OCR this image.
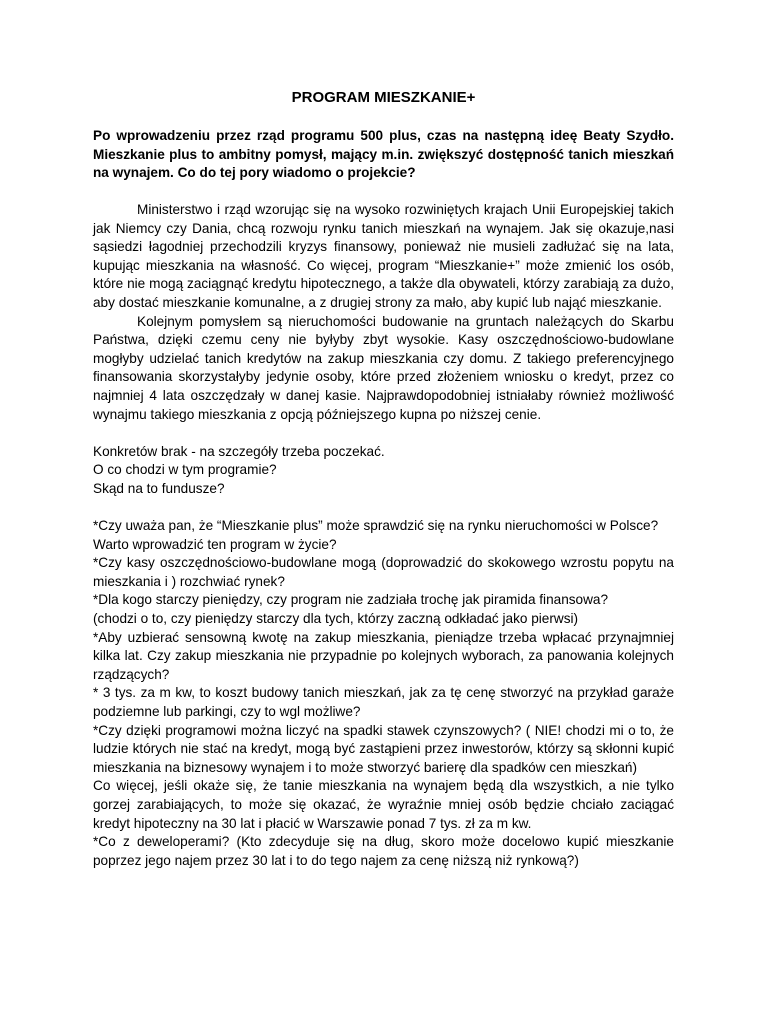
PROGRAM MIESZKANIE+
Po wprowadzeniu przez rząd programu 500 plus, czas na następną ideę Beaty Szydło. Mieszkanie plus to ambitny pomysł, mający m.in. zwiększyć dostępność tanich mieszkań na wynajem. Co do tej pory wiadomo o projekcie?

Ministerstwo i rząd wzorując się na wysoko rozwiniętych krajach Unii Europejskiej takich jak Niemcy czy Dania, chcą rozwoju rynku tanich mieszkań na wynajem. Jak się okazuje,nasi sąsiedzi łagodniej przechodzili kryzys finansowy, ponieważ nie musieli zadłużać się na lata, kupując mieszkania na własność. Co więcej, program “Mieszkanie+” może zmienić los osób, które nie mogą zaciągnąć kredytu hipotecznego, a także dla obywateli, którzy zarabiają za dużo, aby dostać mieszkanie komunalne, a z drugiej strony za mało, aby kupić lub nająć mieszkanie.

Kolejnym pomysłem są nieruchomości budowanie na gruntach należących do Skarbu Państwa, dzięki czemu ceny nie byłyby zbyt wysokie. Kasy oszczędnościowo-budowlane mogłyby udzielać tanich kredytów na zakup mieszkania czy domu. Z takiego preferencyjnego finansowania skorzystałyby jedynie osoby, które przed złożeniem wniosku o kredyt, przez co najmniej 4 lata oszczędzały w danej kasie. Najprawdopodobniej istniałaby również możliwość wynajmu takiego mieszkania z opcją późniejszego kupna po niższej cenie.

Konkretów brak - na szczegóły trzeba poczekać.

O co chodzi w tym programie?

Skąd na to fundusze?

*Czy uważa pan, że “Mieszkanie plus” może sprawdzić się na rynku nieruchomości w Polsce?

Warto wprowadzić ten program w życie?

*Czy kasy oszczędnościowo-budowlane mogą (doprowadzić do skokowego wzrostu popytu na mieszkania i ) rozchwiać rynek?

*Dla kogo starczy pieniędzy, czy program nie zadziała trochę jak piramida finansowa?

(chodzi o to, czy pieniędzy starczy dla tych, którzy zaczną odkładać jako pierwsi)

*Aby uzbierać sensowną kwotę na zakup mieszkania, pieniądze trzeba wpłacać przynajmniej kilka lat. Czy zakup mieszkania nie przypadnie po kolejnych wyborach, za panowania kolejnych rządzących?

* 3 tys. za m kw, to koszt budowy tanich mieszkań, jak za tę cenę stworzyć na przykład garaże podziemne lub parkingi, czy to wgl możliwe?

*Czy dzięki programowi można liczyć na spadki stawek czynszowych? ( NIE! chodzi mi o to, że ludzie których nie stać na kredyt, mogą być zastąpieni przez inwestorów, którzy są skłonni kupić mieszkania na biznesowy wynajem i to może stworzyć barierę dla spadków cen mieszkań)

Co więcej, jeśli okaże się, że tanie mieszkania na wynajem będą dla wszystkich, a nie tylko gorzej zarabiających, to może się okazać, że wyraźnie mniej osób będzie chciało zaciągać kredyt hipoteczny na 30 lat i płacić w Warszawie ponad 7 tys. zł za m kw.

*Co z deweloperami? (Kto zdecyduje się na dług, skoro może docelowo kupić mieszkanie poprzez jego najem przez 30 lat i to do tego najem za cenę niższą niż rynkową?)
